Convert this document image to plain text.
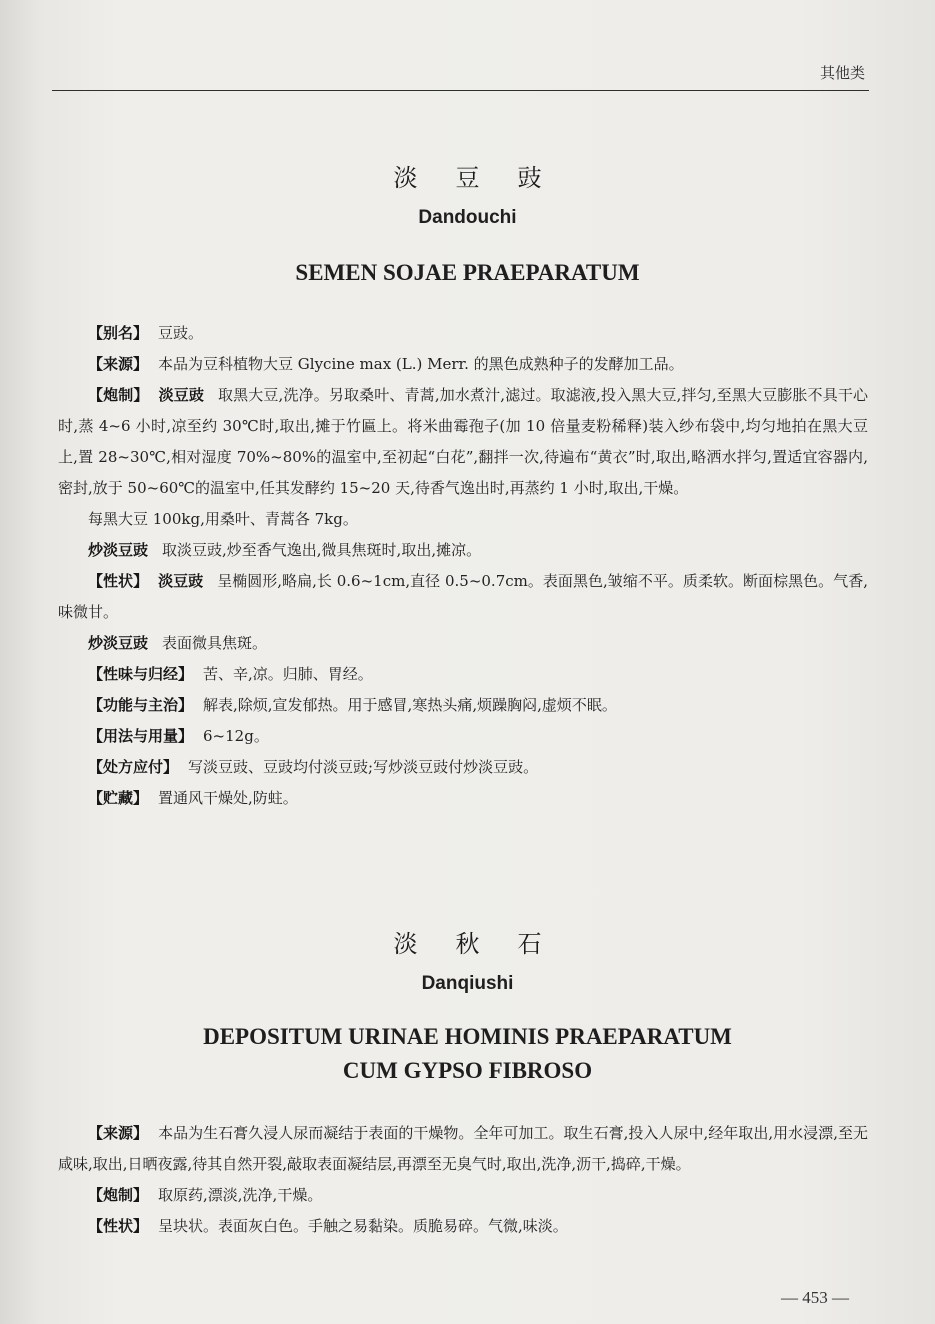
其他类
淡豆豉
Dandouchi
SEMEN SOJAE PRAEPARATUM

【别名】 豆豉。

【来源】 本品为豆科植物大豆 Glycine max (L.) Merr. 的黑色成熟种子的发酵加工品。

【炮制】 淡豆豉 取黑大豆,洗净。另取桑叶、青蒿,加水煮汁,滤过。取滤液,投入黑大豆,拌匀,至黑大豆膨胀不具干心时,蒸 4~6 小时,凉至约 30℃时,取出,摊于竹匾上。将米曲霉孢子(加 10 倍量麦粉稀释)装入纱布袋中,均匀地拍在黑大豆上,置 28~30℃,相对湿度 70%~80%的温室中,至初起“白花”,翻拌一次,待遍布“黄衣”时,取出,略洒水拌匀,置适宜容器内,密封,放于 50~60℃的温室中,任其发酵约 15~20 天,待香气逸出时,再蒸约 1 小时,取出,干燥。

每黑大豆 100kg,用桑叶、青蒿各 7kg。

炒淡豆豉 取淡豆豉,炒至香气逸出,微具焦斑时,取出,摊凉。

【性状】 淡豆豉 呈椭圆形,略扁,长 0.6~1cm,直径 0.5~0.7cm。表面黑色,皱缩不平。质柔软。断面棕黑色。气香,味微甘。

炒淡豆豉 表面微具焦斑。

【性味与归经】 苦、辛,凉。归肺、胃经。

【功能与主治】 解表,除烦,宣发郁热。用于感冒,寒热头痛,烦躁胸闷,虚烦不眠。

【用法与用量】 6~12g。

【处方应付】 写淡豆豉、豆豉均付淡豆豉;写炒淡豆豉付炒淡豆豉。

【贮藏】 置通风干燥处,防蛀。

淡秋石
Danqiushi
DEPOSITUM URINAE HOMINIS PRAEPARATUM
CUM GYPSO FIBROSO

【来源】 本品为生石膏久浸人尿而凝结于表面的干燥物。全年可加工。取生石膏,投入人尿中,经年取出,用水浸漂,至无咸味,取出,日晒夜露,待其自然开裂,敲取表面凝结层,再漂至无臭气时,取出,洗净,沥干,捣碎,干燥。

【炮制】 取原药,漂淡,洗净,干燥。

【性状】 呈块状。表面灰白色。手触之易黏染。质脆易碎。气微,味淡。

— 453 —
